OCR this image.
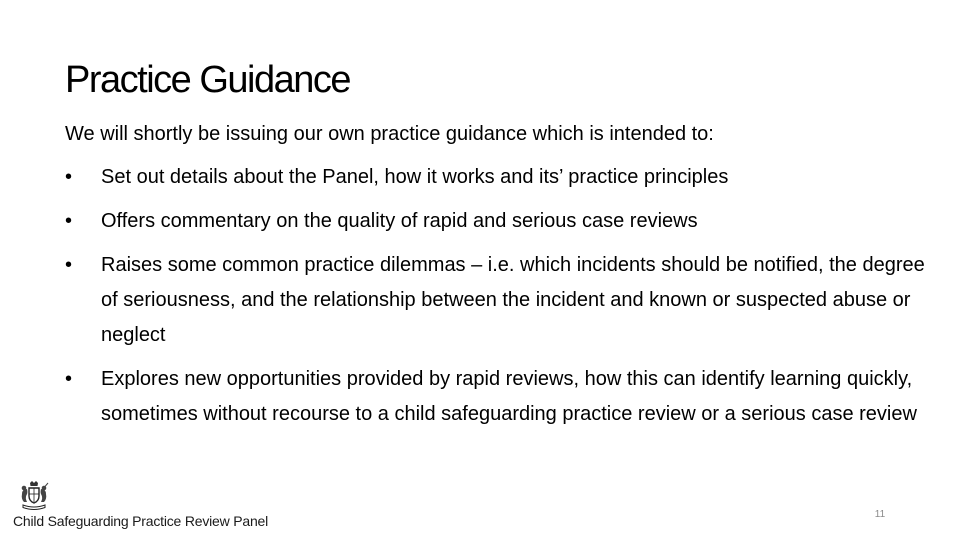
Practice Guidance
We will shortly be issuing our own practice guidance which is intended to:
•	Set out details about the Panel, how it works and its’ practice principles
•	Offers commentary on the quality of rapid and serious case reviews
•	Raises some common practice dilemmas – i.e. which incidents should be notified, the degree of seriousness, and the relationship between the incident and known or suspected abuse or neglect
•	Explores new opportunities provided by rapid reviews, how this can identify learning quickly, sometimes without recourse to a child safeguarding practice review or a serious case review
Child Safeguarding Practice Review Panel	11
